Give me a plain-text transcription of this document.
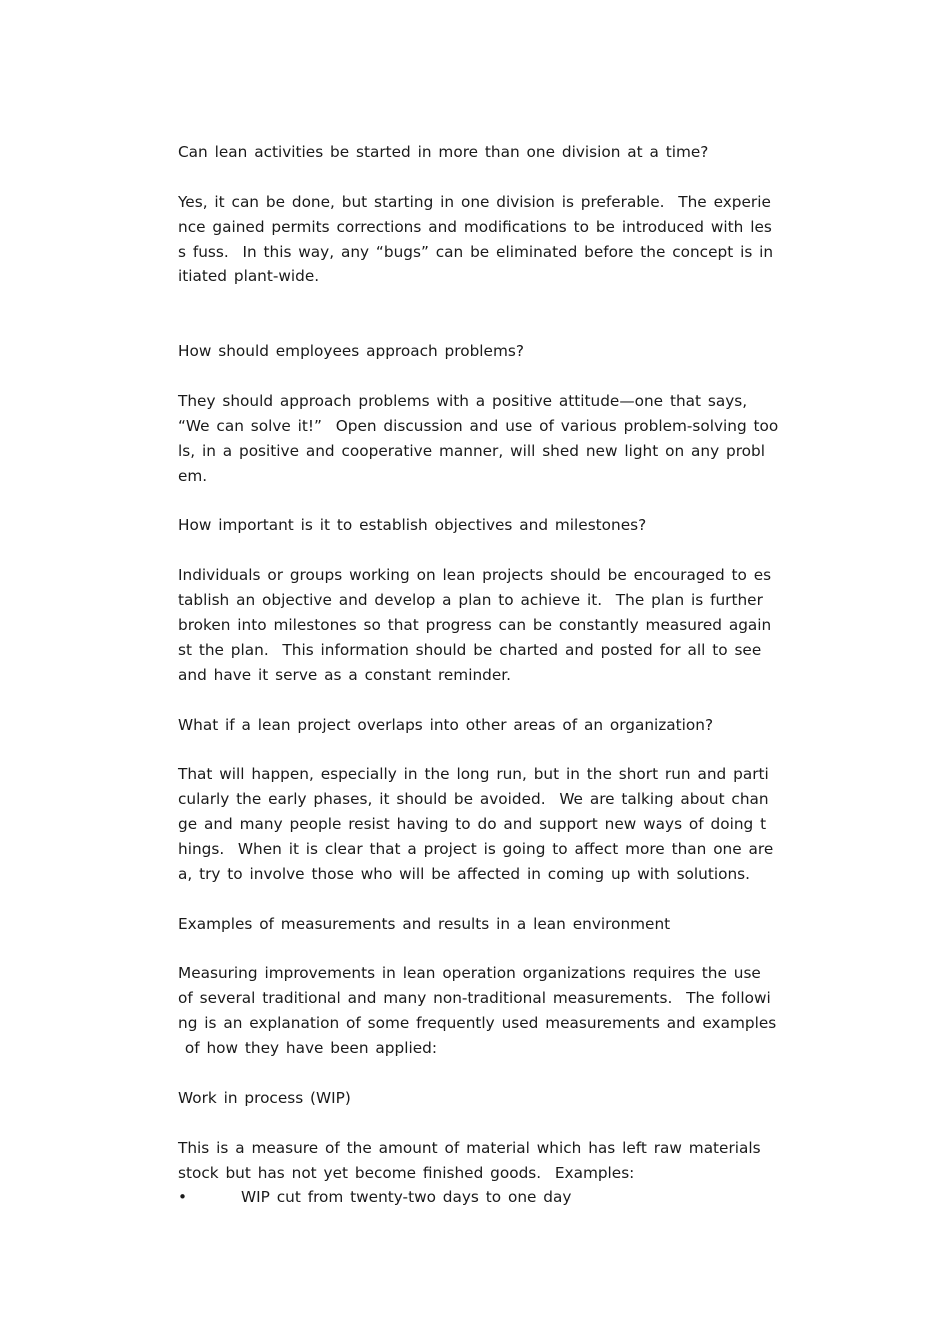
Can lean activities be started in more than one division at a time?
Yes, it can be done, but starting in one division is preferable.  The experie
nce gained permits corrections and modifications to be introduced with les
s fuss.  In this way, any “bugs” can be eliminated before the concept is in
itiated plant-wide.
How should employees approach problems?
They should approach problems with a positive attitude—one that says,
“We can solve it!”  Open discussion and use of various problem-solving too
ls, in a positive and cooperative manner, will shed new light on any probl
em.
How important is it to establish objectives and milestones?
Individuals or groups working on lean projects should be encouraged to es
tablish an objective and develop a plan to achieve it.  The plan is further
broken into milestones so that progress can be constantly measured again
st the plan.  This information should be charted and posted for all to see
and have it serve as a constant reminder.
What if a lean project overlaps into other areas of an organization?
That will happen, especially in the long run, but in the short run and parti
cularly the early phases, it should be avoided.  We are talking about chan
ge and many people resist having to do and support new ways of doing t
hings.  When it is clear that a project is going to affect more than one are
a, try to involve those who will be affected in coming up with solutions.
Examples of measurements and results in a lean environment
Measuring improvements in lean operation organizations requires the use
of several traditional and many non-traditional measurements.  The followi
ng is an explanation of some frequently used measurements and examples
of how they have been applied:
Work in process (WIP)
This is a measure of the amount of material which has left raw materials
stock but has not yet become finished goods.  Examples:
•	WIP cut from twenty-two days to one day
